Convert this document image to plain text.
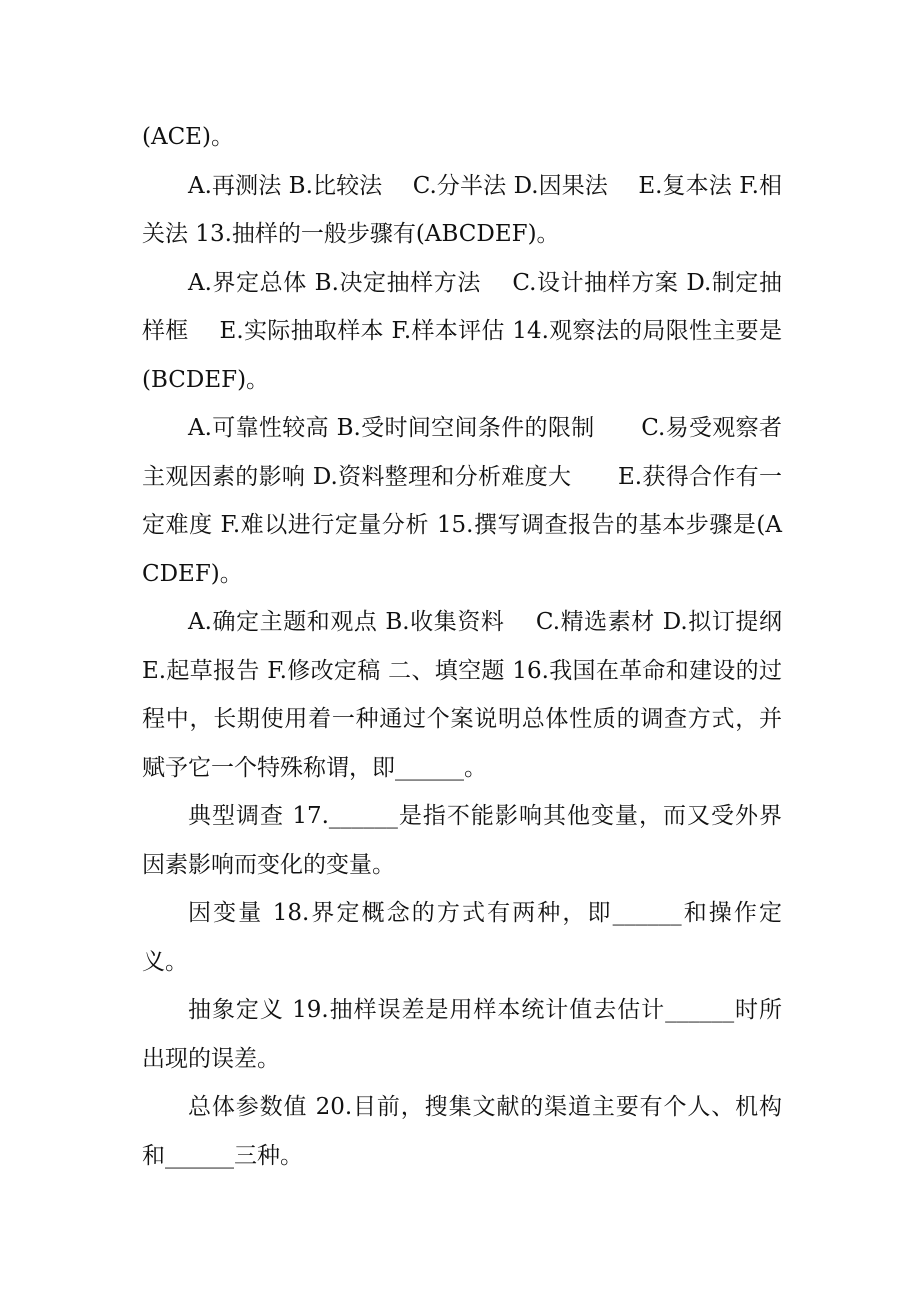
(ACE)。

A.再测法 B.比较法　 C.分半法 D.因果法　 E.复本法 F.相关法 13.抽样的一般步骤有(ABCDEF)。

A.界定总体 B.决定抽样方法　 C.设计抽样方案 D.制定抽样框　 E.实际抽取样本 F.样本评估 14.观察法的局限性主要是(BCDEF)。

A.可靠性较高 B.受时间空间条件的限制　　C.易受观察者主观因素的影响 D.资料整理和分析难度大　　E.获得合作有一定难度 F.难以进行定量分析 15.撰写调查报告的基本步骤是(ACDEF)。

A.确定主题和观点 B.收集资料　 C.精选素材 D.拟订提纲　 E.起草报告 F.修改定稿 二、填空题 16.我国在革命和建设的过程中，长期使用着一种通过个案说明总体性质的调查方式，并赋予它一个特殊称谓，即______。

典型调查 17.______是指不能影响其他变量，而又受外界因素影响而变化的变量。

因变量 18.界定概念的方式有两种，即______和操作定义。

抽象定义 19.抽样误差是用样本统计值去估计______时所出现的误差。

总体参数值 20.目前，搜集文献的渠道主要有个人、机构和______三种。
